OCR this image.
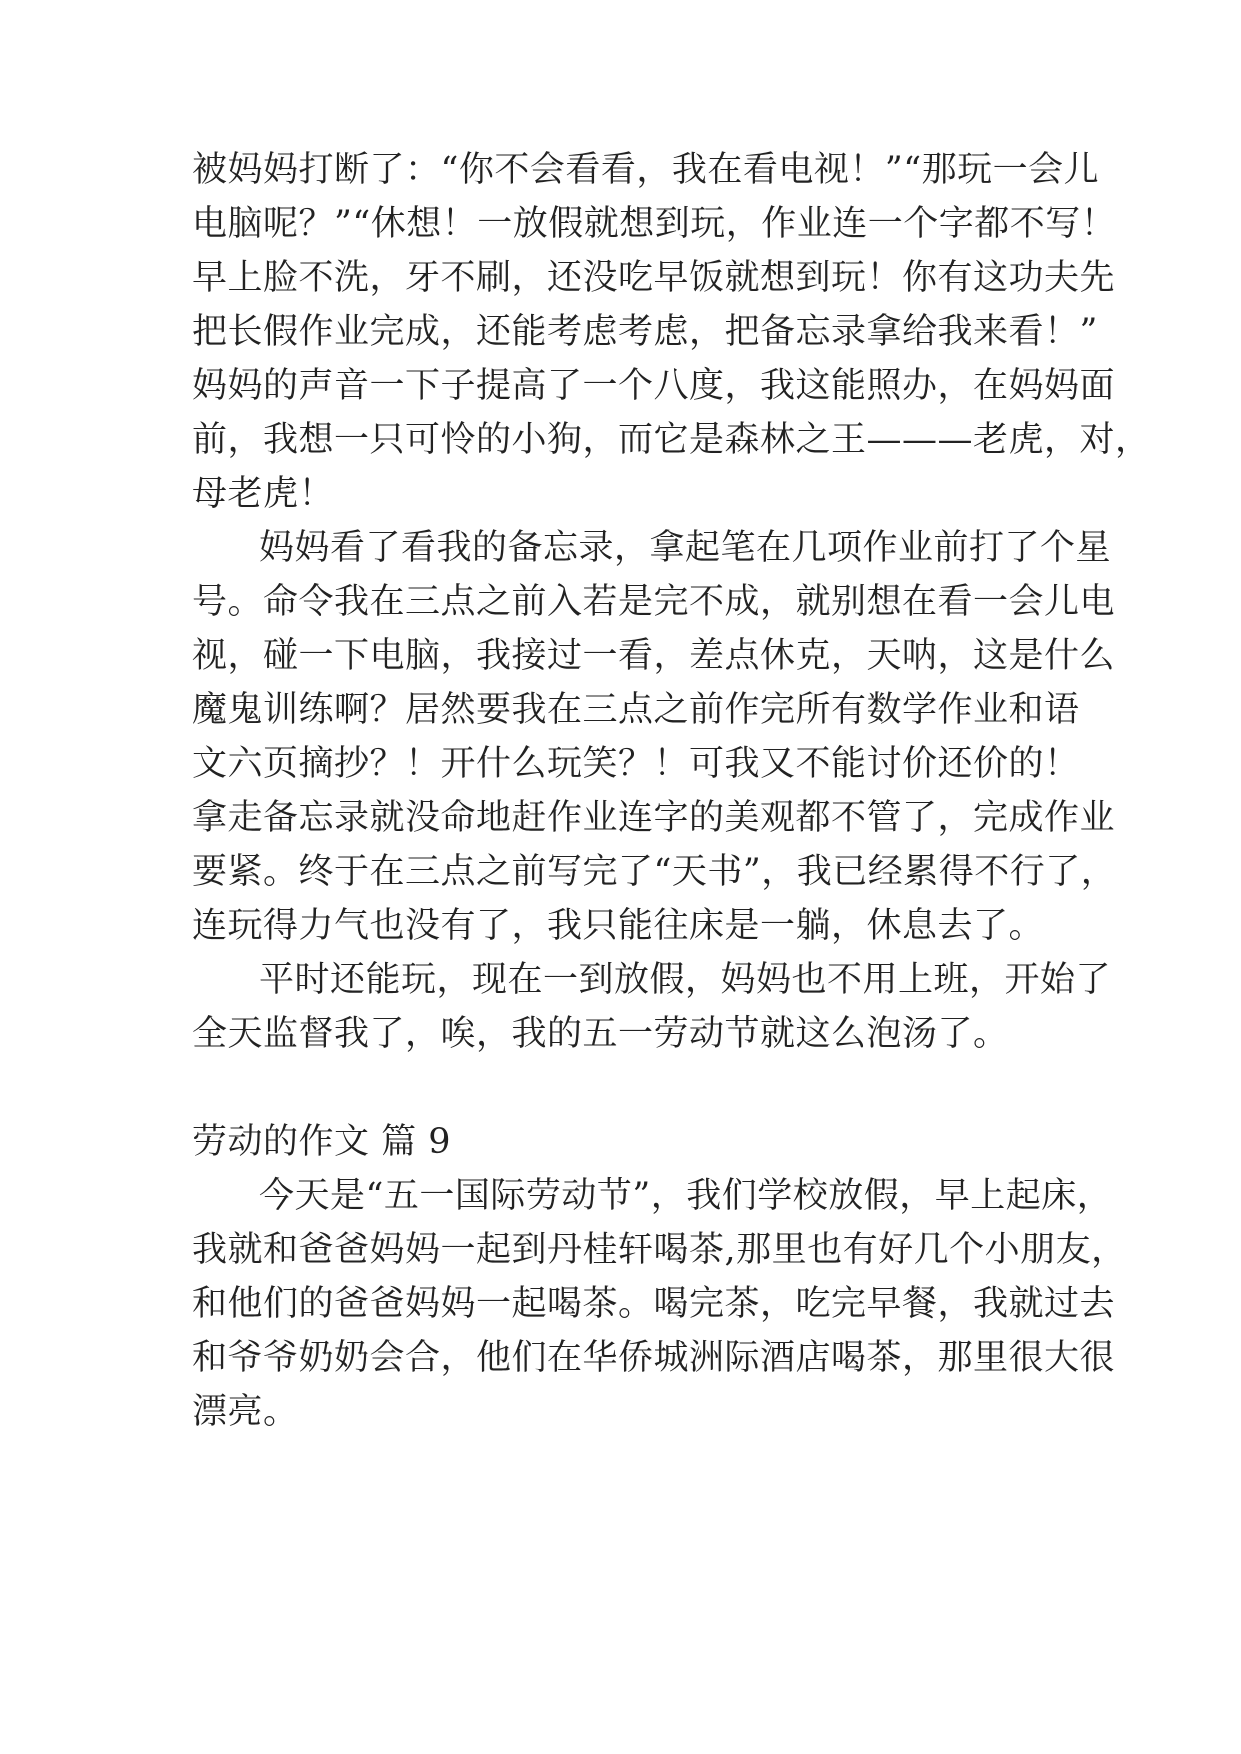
被妈妈打断了：“你不会看看，我在看电视！”“那玩一会儿
电脑呢？”“休想！一放假就想到玩，作业连一个字都不写！
早上脸不洗，牙不刷，还没吃早饭就想到玩！你有这功夫先
把长假作业完成，还能考虑考虑，把备忘录拿给我来看！”
妈妈的声音一下子提高了一个八度，我这能照办，在妈妈面
前，我想一只可怜的小狗，而它是森林之王———老虎，对，
母老虎！
妈妈看了看我的备忘录，拿起笔在几项作业前打了个星
号。命令我在三点之前入若是完不成，就别想在看一会儿电
视，碰一下电脑，我接过一看，差点休克，天呐，这是什么
魔鬼训练啊？居然要我在三点之前作完所有数学作业和语
文六页摘抄？！开什么玩笑？！可我又不能讨价还价的！
拿走备忘录就没命地赶作业连字的美观都不管了，完成作业
要紧。终于在三点之前写完了“天书”，我已经累得不行了，
连玩得力气也没有了，我只能往床是一躺，休息去了。
平时还能玩，现在一到放假，妈妈也不用上班，开始了
全天监督我了，唉，我的五一劳动节就这么泡汤了。
劳动的作文 篇 9
今天是“五一国际劳动节”，我们学校放假，早上起床，
我就和爸爸妈妈一起到丹桂轩喝茶,那里也有好几个小朋友，
和他们的爸爸妈妈一起喝茶。喝完茶，吃完早餐，我就过去
和爷爷奶奶会合，他们在华侨城洲际酒店喝茶，那里很大很
漂亮。
